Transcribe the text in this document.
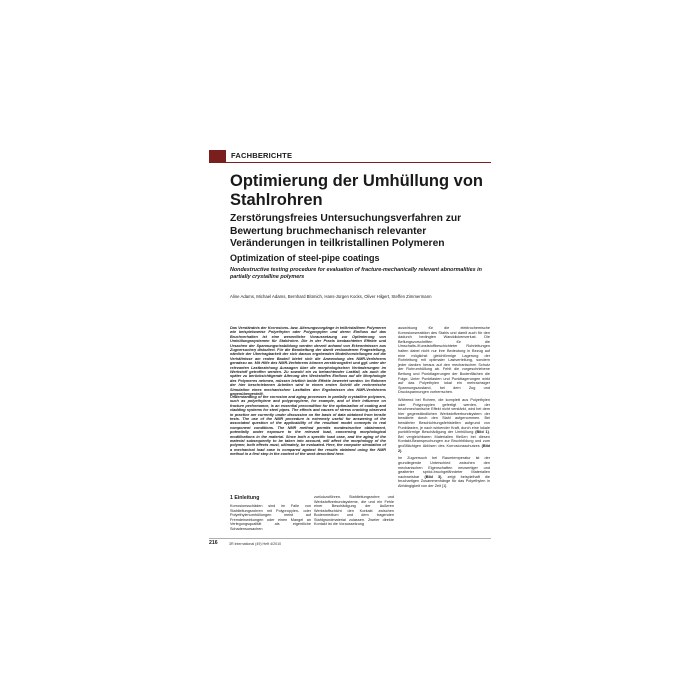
FACHBERICHTE
Optimierung der Umhüllung von Stahlrohren
Zerstörungsfreies Untersuchungsverfahren zur Bewertung bruchmechanisch relevanter Veränderungen in teilkristallinen Polymeren
Optimization of steel-pipe coatings

Nondestructive testing procedure for evaluation of fracture-mechanically relevant abnormalities in partially crystalline polymers

Aline Adams, Michael Adams, Bernhard Blümich, Hans-Jürgen Kocks, Oliver Hilgert, Steffen Zimmermann
Das Verständnis der Korrosions- bzw. Alterungsvorgänge in teilkristallinen Polymeren wie beispielsweise Polyethylen oder Polypropylen und deren Einfluss auf das Bruchverhalten ist eine wesentliche Voraussetzung zur Optimierung von Umhüllungssystemen für Stahlrohre. Die in der Praxis beobachteten Effekte und Ursachen der Spannungsrissbildung werden derzeit anhand von Erkenntnissen aus Zugversuchen diskutiert. Für die Bearbeitung der damit verbundenen Fragestellung, nämlich der Übertragbarkeit der sich daraus ergebenden Modellvorstellungen auf die Verhältnisse am realen Bauteil bietet sich die Anwendung des NMR-Verfahrens geradezu an. Mit Hilfe des NMR-Verfahrens können zerstörungsfrei und ggf. unter der relevanten Lastbeziehung Aussagen über die morphologischen Veränderungen im Werkstoff getroffen werden. Zu sowohl ein zu betrachtender Lastfall, als auch die später zu berücksichtigende Alterung des Werkstoffes Einfluss auf die Morphologie des Polymeres nehmen, müssen letztlich beide Effekte bewertet werden. Im Rahmen der hier beschriebenen Arbeiten wird in einem ersten Schritt die rechnerische Simulation eines mechanischen Lastfalles den Ergebnissen des NMR-Verfahrens gegenübergestellt.
Understanding of the corrosion and aging processes in partially crystalline polymers, such as polyethylene and polypropylene, for example, and of their influence on fracture performance, is an essential precondition for the optimization of coating and cladding systems for steel pipes. The effects and causes of stress cracking observed in practice are currently under discussion on the basis of data obtained from tensile tests. The use of the NMR procedure is extremely useful for answering of the associated question of the applicability of the resultant model concepts to real component conditions. The NMR method permits nondestructive obtainment, potentially under exposure to the relevant load, concerning morphological modifications in the material. Since both a specific load case, and the aging of the material subsequently to be taken into account, will affect the morphology of the polymer, both effects must, ultimately, be evaluated. Here, the computer simulation of a mechanical load case is compared against the results obtained using the NMR method in a first step in the context of the work described here.

auswirkung für die elektrochemische Korrosionsreaktion des Stahls und damit auch für den dadurch bedingten Wanddickenverlust. Die Beflungsvorschriften für die Umschalts-/Kunststoffbeschichteter Rohrleitungen halten dabei nicht nur ihre Bedeutung in Bezug auf eine möglichst gleichförmige Lagerung der Rohrleitung mit optimaler Lastverteilung, sondern jeder danken heraus auf den mechanischen Schutz der Rohrumhüllung ab. Fehlt die vorgeschriebene Bettung und Punktlagerungen der Bodenflächen die Folge, Unter Punktlasten und Punktlagerungen wirkt auf das Polyethylen lokal ein mehrachsiger Spannungszustand, bei dem Zug und Druckspannungen vorherrschen.

Während bei Rohren, die komplett aus Polyethylen oder Polypropylen gefertigt werden, der bruchmechanische Effekt nicht verstärkt, wird bei dem hier gegenständlichen Werkstoffverbundsystem der bewährte durch den Stahl aufgenommen. Bei bewährter Beschichtungsfehlstellen aufgrund von Punktlasten, je nach wirkender Kraft, durch eine lokale punktförmige Beschädigung der Umhüllung (Bild 1). Bei vergleichbaren Materialien fließen bei diesen Kontakt-Beanspruchungen zur Bruchbildung und zum großflächigen Ablösen des Korrosionsschutzes (Bild 2).

Im Zugversuch bei Raumtemperatur ist der grundlegende Unterschied zwischen den mechanischen Eigenschaften neuwertiger und gealterter spröd-bruchgefährdeter Materialien nachweisbar (Bild 3), zeigt beispielhaft die bruchartigen Zusammenhänge für das Polyethylen in Abhängigkeit von der Zeit [1].

1 Einleitung
Korrosionsschäden sind im Falle von Stahlleitungsrohren mit Polypropylen- oder Polyethylenumhüllungen meist auf Fremdeinwirkungen oder einen Mangel an Verlegungsqualität als eigentliche Schadensursachen
zurückzuführen. Stahlleitungsrohre und Werkstoffverbundsysteme, die und ein Fehle einer Beschädigung der äußeren Werkstoffschicht den Kontakt zwischen Bodenmedium und dem tragenden Stahlgrundmaterial zulassen. Zweier direkte Kontakt ist die Voraussetzung
216	3R international (49) Heft 4/2010
